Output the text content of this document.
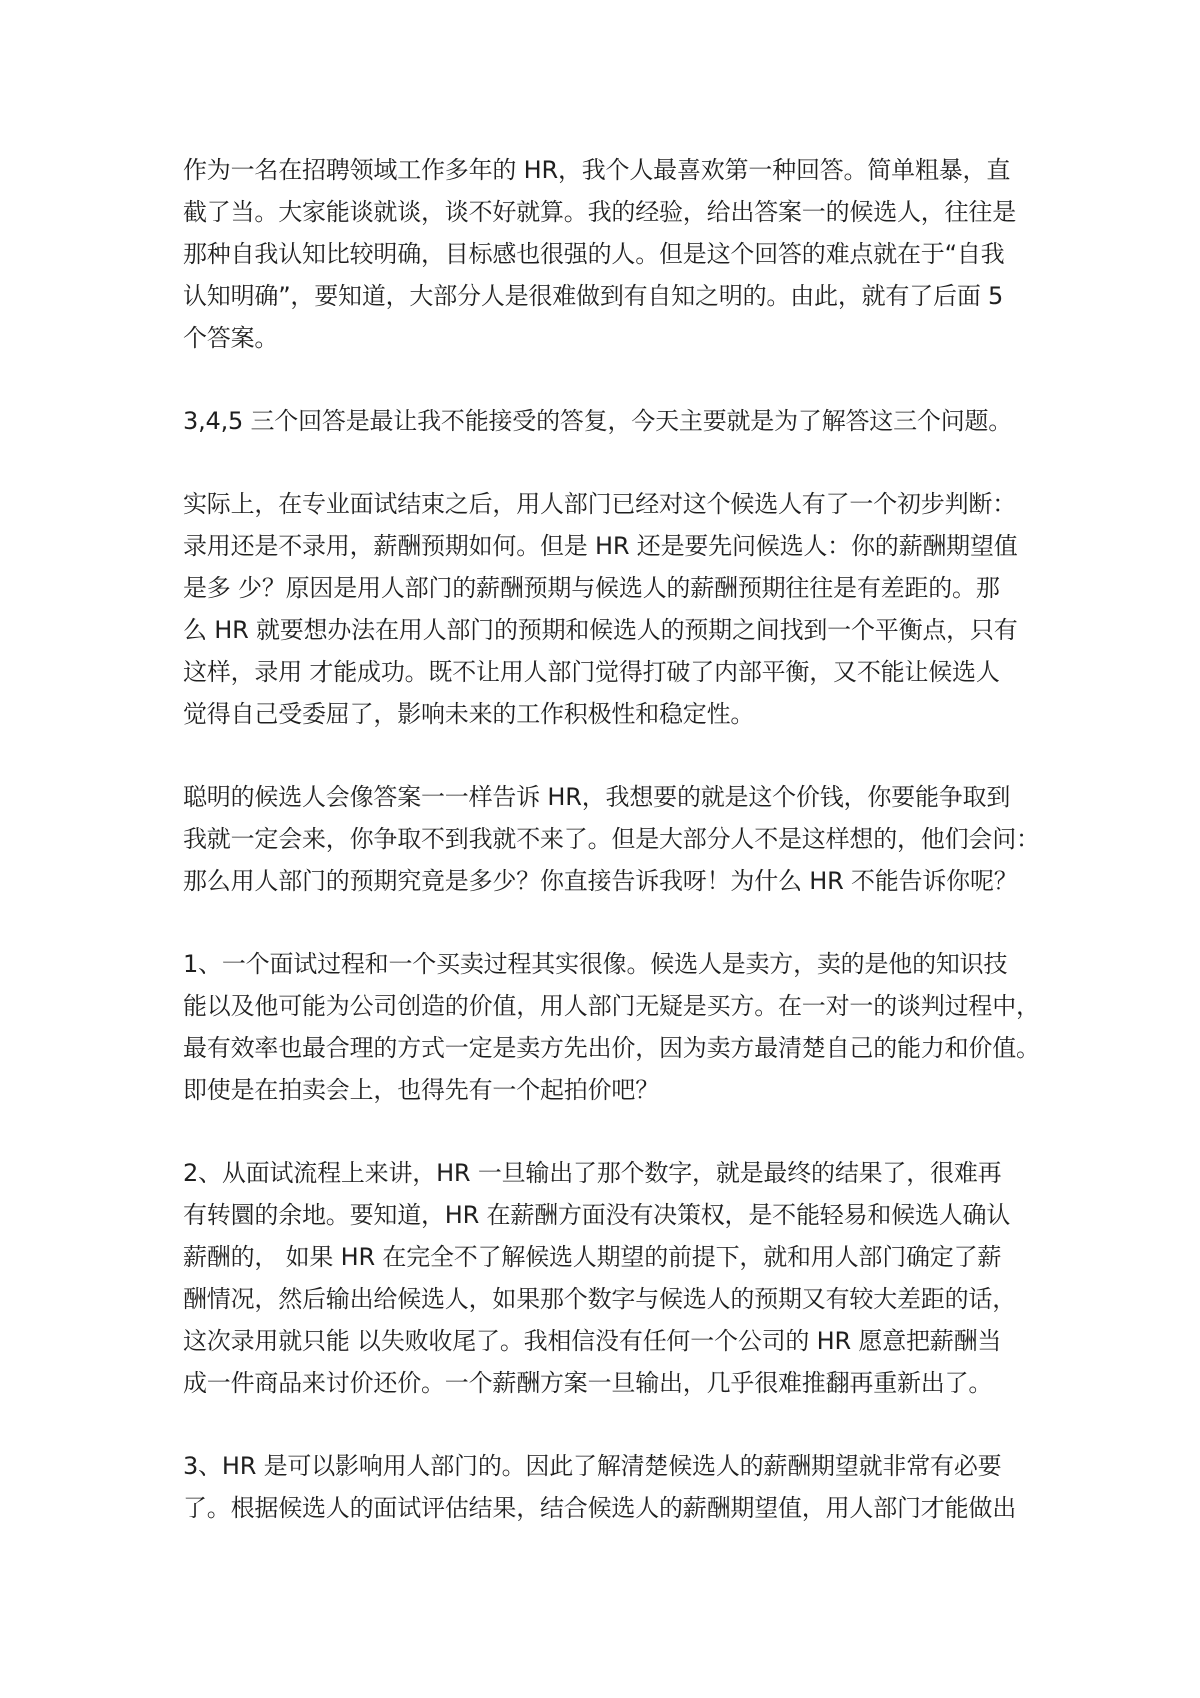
作为一名在招聘领域工作多年的 HR，我个人最喜欢第一种回答。简单粗暴，直
截了当。大家能谈就谈，谈不好就算。我的经验，给出答案一的候选人，往往是
那种自我认知比较明确，目标感也很强的人。但是这个回答的难点就在于“自我
认知明确”，要知道，大部分人是很难做到有自知之明的。由此，就有了后面 5
个答案。

3,4,5 三个回答是最让我不能接受的答复，今天主要就是为了解答这三个问题。

实际上，在专业面试结束之后，用人部门已经对这个候选人有了一个初步判断：
录用还是不录用，薪酬预期如何。但是 HR 还是要先问候选人：你的薪酬期望值
是多 少？原因是用人部门的薪酬预期与候选人的薪酬预期往往是有差距的。那
么 HR 就要想办法在用人部门的预期和候选人的预期之间找到一个平衡点，只有
这样，录用 才能成功。既不让用人部门觉得打破了内部平衡，又不能让候选人
觉得自己受委屈了，影响未来的工作积极性和稳定性。

聪明的候选人会像答案一一样告诉 HR，我想要的就是这个价钱，你要能争取到
我就一定会来，你争取不到我就不来了。但是大部分人不是这样想的，他们会问：
那么用人部门的预期究竟是多少？你直接告诉我呀！为什么 HR 不能告诉你呢？

1、一个面试过程和一个买卖过程其实很像。候选人是卖方，卖的是他的知识技
能以及他可能为公司创造的价值，用人部门无疑是买方。在一对一的谈判过程中，
最有效率也最合理的方式一定是卖方先出价，因为卖方最清楚自己的能力和价值。
即使是在拍卖会上，也得先有一个起拍价吧？

2、从面试流程上来讲，HR 一旦输出了那个数字，就是最终的结果了，很难再
有转圜的余地。要知道，HR 在薪酬方面没有决策权，是不能轻易和候选人确认
薪酬的， 如果 HR 在完全不了解候选人期望的前提下，就和用人部门确定了薪
酬情况，然后输出给候选人，如果那个数字与候选人的预期又有较大差距的话，
这次录用就只能 以失败收尾了。我相信没有任何一个公司的 HR 愿意把薪酬当
成一件商品来讨价还价。一个薪酬方案一旦输出，几乎很难推翻再重新出了。

3、HR 是可以影响用人部门的。因此了解清楚候选人的薪酬期望就非常有必要
了。根据候选人的面试评估结果，结合候选人的薪酬期望值，用人部门才能做出
